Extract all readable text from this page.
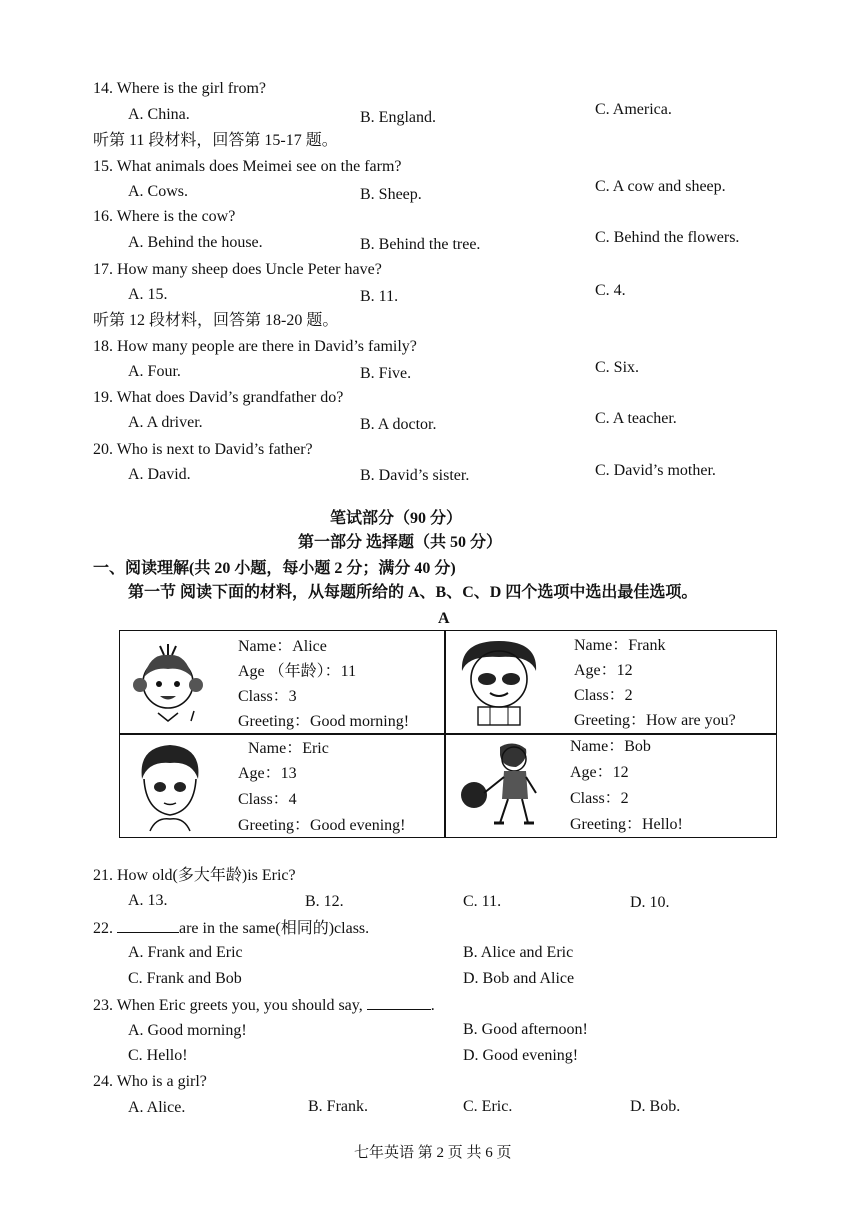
14. Where is the girl from?
A. China.	B. England.	C. America.
听第 11 段材料，回答第 15-17 题。
15. What animals does Meimei see on the farm?
A. Cows.	B. Sheep.	C. A cow and sheep.
16. Where is the cow?
A. Behind the house.	B. Behind the tree.	C. Behind the flowers.
17. How many sheep does Uncle Peter have?
A. 15.	B. 11.	C. 4.
听第 12 段材料，回答第 18-20 题。
18. How many people are there in David’s family?
A. Four.	B. Five.	C. Six.
19. What does David’s grandfather do?
A. A driver.	B. A doctor.	C. A teacher.
20. Who is next to David’s father?
A. David.	B. David’s sister.	C. David’s mother.
笔试部分（90 分）
第一部分 选择题（共 50 分）
一、阅读理解(共 20 小题，每小题 2 分；满分 40 分)
第一节 阅读下面的材料，从每题所给的 A、B、C、D 四个选项中选出最佳选项。
A
Name：Alice
Age （年龄）：11
Class：3
Greeting：Good morning!
Name：Frank
Age：12
Class：2
Greeting：How are you?
Name：Eric
Age：13
Class：4
Greeting：Good evening!
Name：Bob
Age：12
Class：2
Greeting：Hello!
21. How old(多大年龄)is Eric?
A. 13.	B. 12.	C. 11.	D. 10.
22.	are in the same(相同的)class.
A. Frank and Eric	B. Alice and Eric
C. Frank and Bob	D. Bob and Alice
23. When Eric greets you, you should say,	.
A. Good morning!	B. Good afternoon!
C. Hello!	D. Good evening!
24. Who is a girl?
A. Alice.	B. Frank.	C. Eric.	D. Bob.
七年英语 第 2 页 共 6 页
